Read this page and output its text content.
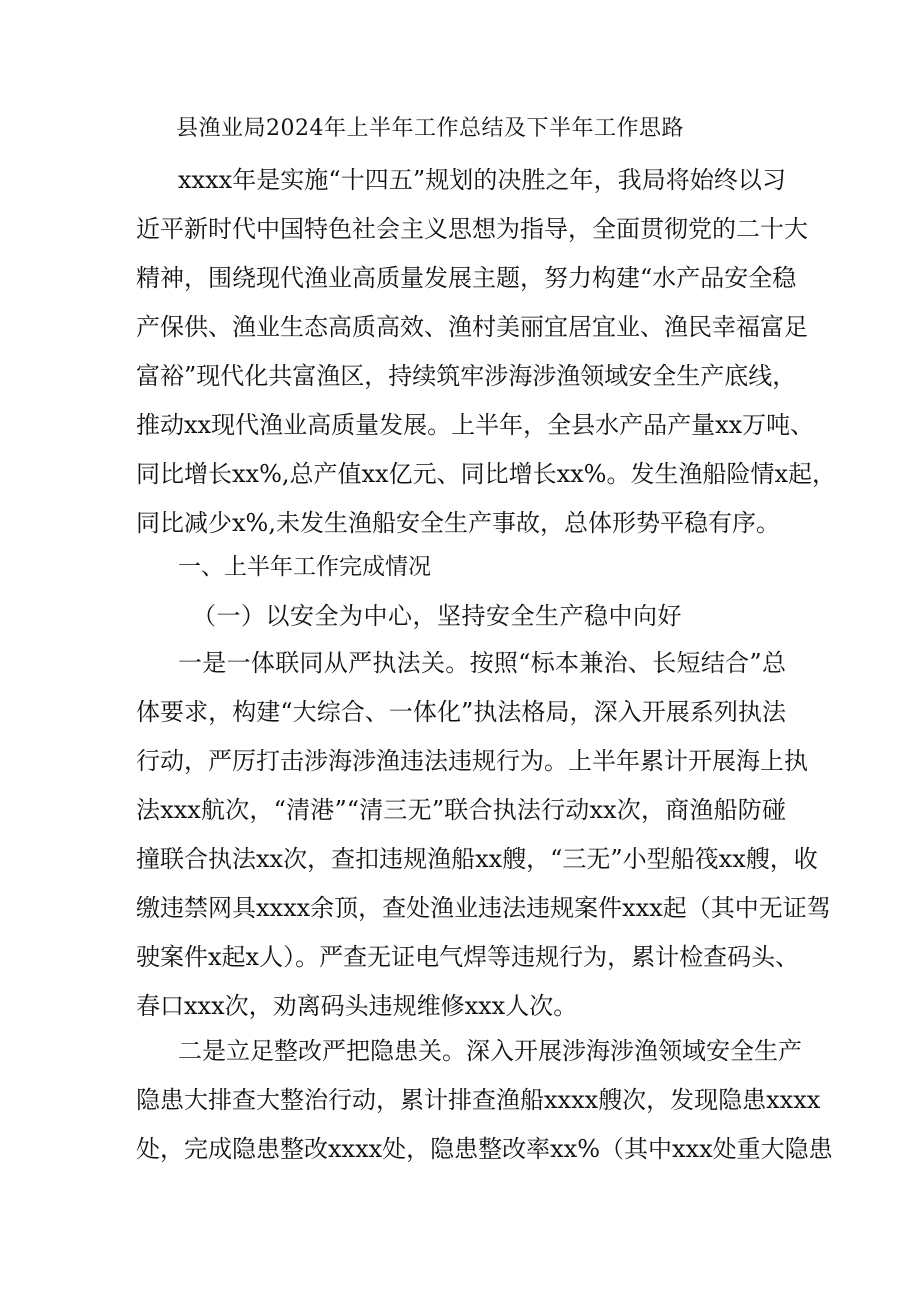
县渔业局2024年上半年工作总结及下半年工作思路
xxxx年是实施“十四五”规划的决胜之年，我局将始终以习
近平新时代中国特色社会主义思想为指导，全面贯彻党的二十大
精神，围绕现代渔业高质量发展主题，努力构建“水产品安全稳
产保供、渔业生态高质高效、渔村美丽宜居宜业、渔民幸福富足
富裕”现代化共富渔区，持续筑牢涉海涉渔领域安全生产底线，
推动xx现代渔业高质量发展。上半年，全县水产品产量xx万吨、
同比增长xx%,总产值xx亿元、同比增长xx%。发生渔船险情x起，
同比减少x%,未发生渔船安全生产事故，总体形势平稳有序。
一、上半年工作完成情况
（一）以安全为中心，坚持安全生产稳中向好
一是一体联同从严执法关。按照“标本兼治、长短结合”总
体要求，构建“大综合、一体化”执法格局，深入开展系列执法
行动，严厉打击涉海涉渔违法违规行为。上半年累计开展海上执
法xxx航次，“清港”“清三无”联合执法行动xx次，商渔船防碰
撞联合执法xx次，查扣违规渔船xx艘，“三无”小型船筏xx艘，收
缴违禁网具xxxx余顶，查处渔业违法违规案件xxx起（其中无证驾
驶案件x起x人）。严查无证电气焊等违规行为，累计检查码头、
春口xxx次，劝离码头违规维修xxx人次。
二是立足整改严把隐患关。深入开展涉海涉渔领域安全生产
隐患大排查大整治行动，累计排查渔船xxxx艘次，发现隐患xxxx
处，完成隐患整改xxxx处，隐患整改率xx%（其中xxx处重大隐患
